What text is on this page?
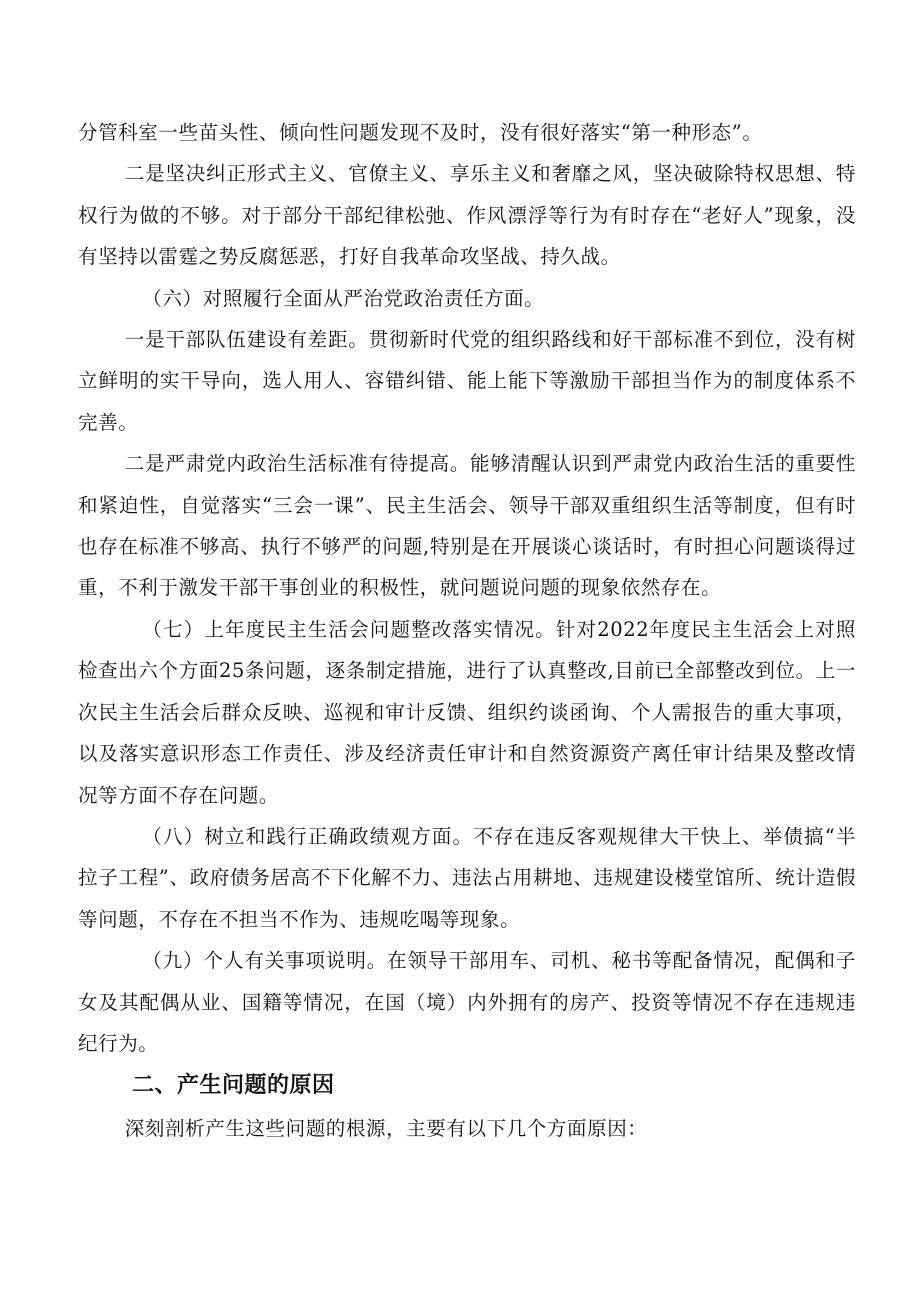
分管科室一些苗头性、倾向性问题发现不及时，没有很好落实“第一种形态”。

二是坚决纠正形式主义、官僚主义、享乐主义和奢靡之风，坚决破除特权思想、特权行为做的不够。对于部分干部纪律松弛、作风漂浮等行为有时存在“老好人”现象，没有坚持以雷霆之势反腐惩恶，打好自我革命攻坚战、持久战。

（六）对照履行全面从严治党政治责任方面。

一是干部队伍建设有差距。贯彻新时代党的组织路线和好干部标准不到位，没有树立鲜明的实干导向，选人用人、容错纠错、能上能下等激励干部担当作为的制度体系不完善。

二是严肃党内政治生活标准有待提高。能够清醒认识到严肃党内政治生活的重要性和紧迫性，自觉落实“三会一课”、民主生活会、领导干部双重组织生活等制度，但有时也存在标准不够高、执行不够严的问题,特别是在开展谈心谈话时，有时担心问题谈得过重，不利于激发干部干事创业的积极性，就问题说问题的现象依然存在。

（七）上年度民主生活会问题整改落实情况。针对2022年度民主生活会上对照检查出六个方面25条问题，逐条制定措施，进行了认真整改,目前已全部整改到位。上一次民主生活会后群众反映、巡视和审计反馈、组织约谈函询、个人需报告的重大事项，以及落实意识形态工作责任、涉及经济责任审计和自然资源资产离任审计结果及整改情况等方面不存在问题。

（八）树立和践行正确政绩观方面。不存在违反客观规律大干快上、举债搞“半拉子工程”、政府债务居高不下化解不力、违法占用耕地、违规建设楼堂馆所、统计造假等问题，不存在不担当不作为、违规吃喝等现象。

（九）个人有关事项说明。在领导干部用车、司机、秘书等配备情况，配偶和子女及其配偶从业、国籍等情况，在国（境）内外拥有的房产、投资等情况不存在违规违纪行为。

二、产生问题的原因

深刻剖析产生这些问题的根源，主要有以下几个方面原因：
